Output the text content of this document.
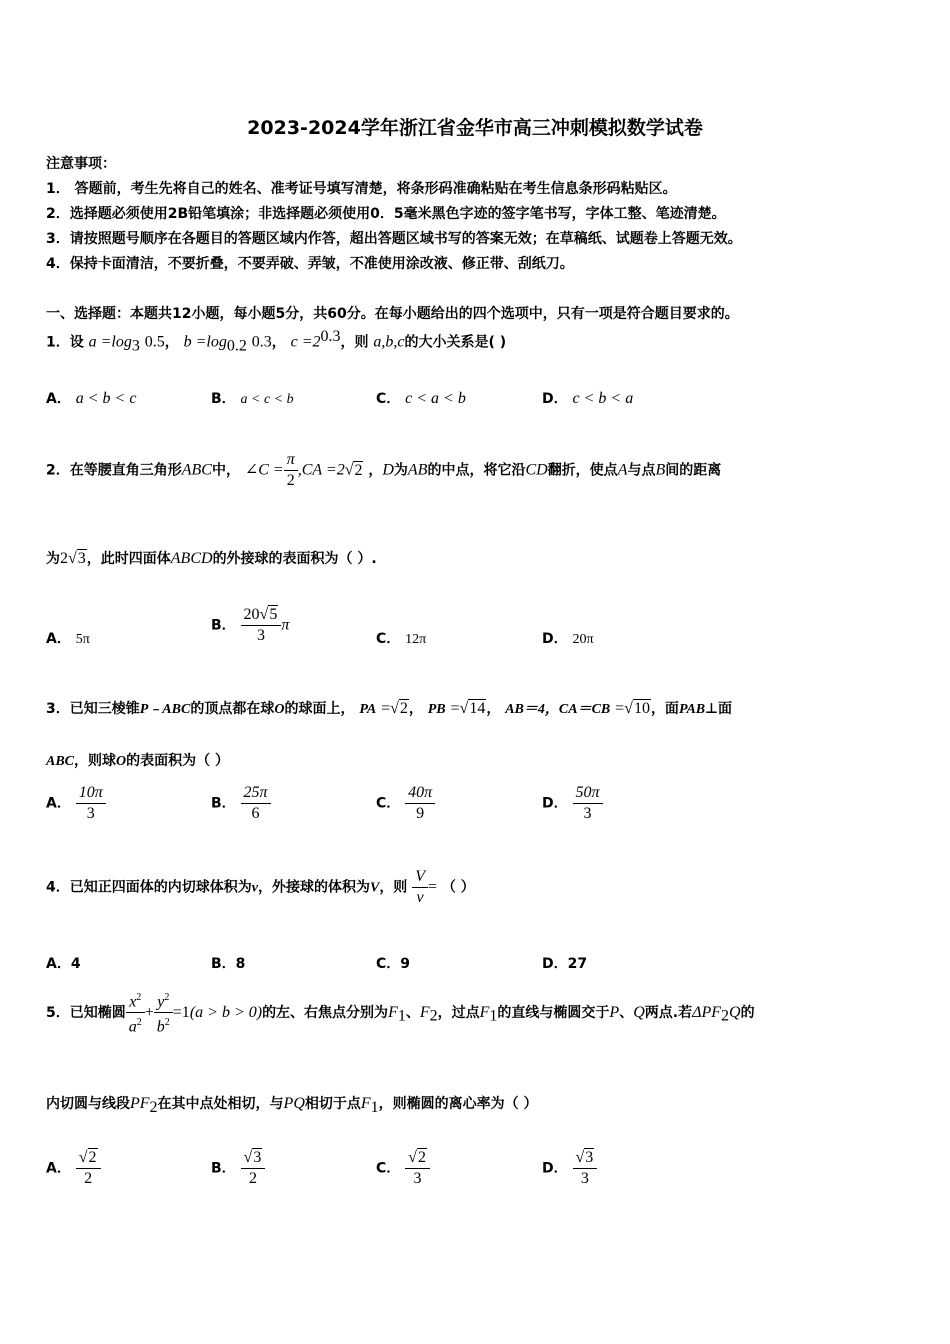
2023-2024学年浙江省金华市高三冲刺模拟数学试卷
注意事项：
1． 答题前，考生先将自己的姓名、准考证号填写清楚，将条形码准确粘贴在考生信息条形码粘贴区。
2．选择题必须使用2B铅笔填涂；非选择题必须使用0．5毫米黑色字迹的签字笔书写，字体工整、笔迹清楚。
3．请按照题号顺序在各题目的答题区域内作答，超出答题区域书写的答案无效；在草稿纸、试题卷上答题无效。
4．保持卡面清洁，不要折叠，不要弄破、弄皱，不准使用涂改液、修正带、刮纸刀。
一、选择题：本题共12小题，每小题5分，共60分。在每小题给出的四个选项中，只有一项是符合题目要求的。
1．设 $a =\log_3$ 0.5， $b =\log_{0.2}$ 0.3， $c =2^{0.3}$，则 a,b,c的大小关系是( )
A． a < b < c	B． a < c < b	C． c < a < b	D． c < b < a
2．在等腰直角三角形ABC中， ∠C = $\frac{\pi}{2} ,CA =2√2$ ，D为AB的中点，将它沿CD翻折，使点A与点B间的距离
为2√3，此时四面体ABCD的外接球的表面积为（ ）.
A． 5π
B． $\frac{20√5}{3}$ π
C． 12π	D． 20π
3．已知三棱锥P﹣ABC的顶点都在球O的球面上， PA =√2， PB =√14， AB＝4，CA＝CB =√10，面PAB⊥面
ABC，则球O的表面积为（ ）
A． $\frac{10\pi}{3}$	B． $\frac{25\pi}{6}$	C． $\frac{40\pi}{9}$	D． $\frac{50\pi}{3}$
4．已知正四面体的内切球体积为v，外接球的体积为V，则 $\frac{V}{v}$ = （ ）
A．4	B．8	C．9	D．27
5．已知椭圆 $\frac{x^2}{a^2} + \frac{y^2}{b^2} =1(a > b > 0)$的左、右焦点分别为$F_1$、$F_2$，过点$F_1$的直线与椭圆交于P、Q两点.若$\Delta PF_2Q$的
内切圆与线段$PF_2$在其中点处相切，与PQ相切于点$F_1$，则椭圆的离心率为（ ）
A． $\frac{√2}{2}$	B． $\frac{√3}{2}$	C． $\frac{√2}{3}$	D． $\frac{√3}{3}$
